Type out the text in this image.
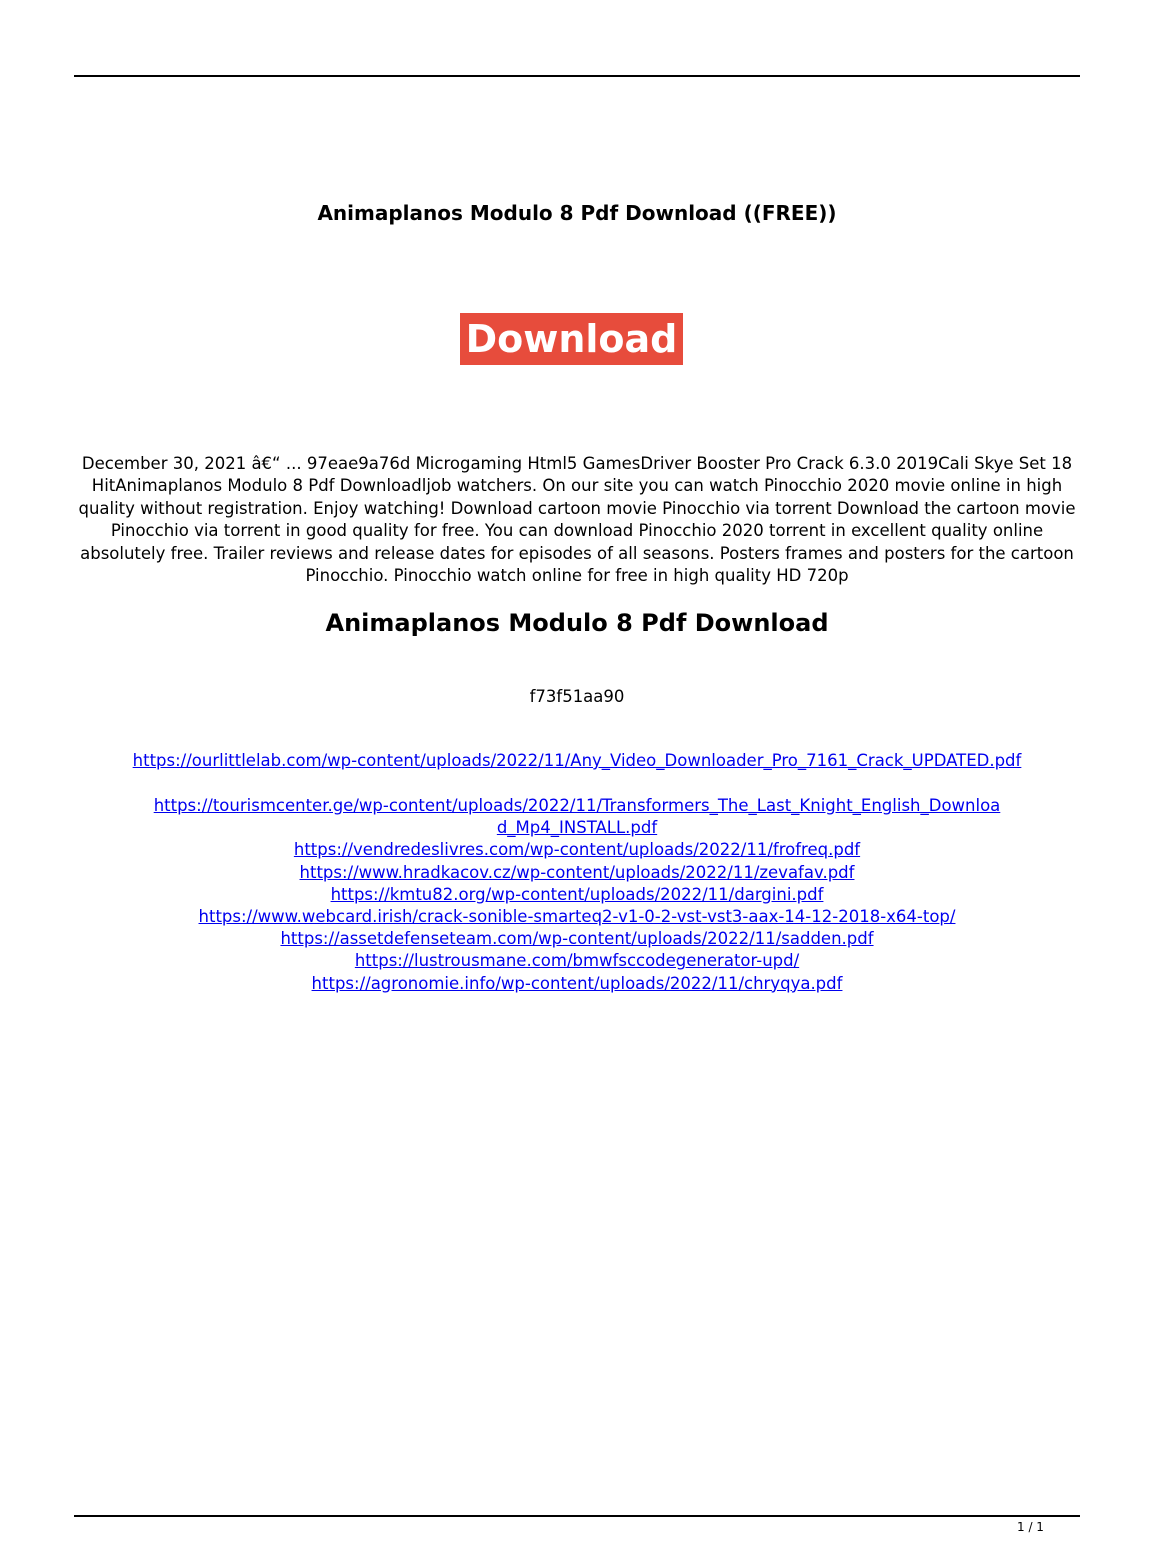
Animaplanos Modulo 8 Pdf Download ((FREE))
Download
December 30, 2021 â€“ ... 97eae9a76d Microgaming Html5 GamesDriver Booster Pro Crack 6.3.0 2019Cali Skye Set 18 HitAnimaplanos Modulo 8 Pdf Downloadljob watchers. On our site you can watch Pinocchio 2020 movie online in high quality without registration. Enjoy watching! Download cartoon movie Pinocchio via torrent Download the cartoon movie Pinocchio via torrent in good quality for free. You can download Pinocchio 2020 torrent in excellent quality online absolutely free. Trailer reviews and release dates for episodes of all seasons. Posters frames and posters for the cartoon Pinocchio. Pinocchio watch online for free in high quality HD 720p
Animaplanos Modulo 8 Pdf Download
f73f51aa90
https://ourlittlelab.com/wp-content/uploads/2022/11/Any_Video_Downloader_Pro_7161_Crack_UPDATED.pdf
https://tourismcenter.ge/wp-content/uploads/2022/11/Transformers_The_Last_Knight_English_Download_Mp4_INSTALL.pdf
https://vendredeslivres.com/wp-content/uploads/2022/11/frofreq.pdf
https://www.hradkacov.cz/wp-content/uploads/2022/11/zevafav.pdf
https://kmtu82.org/wp-content/uploads/2022/11/dargini.pdf
https://www.webcard.irish/crack-sonible-smarteq2-v1-0-2-vst-vst3-aax-14-12-2018-x64-top/
https://assetdefenseteam.com/wp-content/uploads/2022/11/sadden.pdf
https://lustrousmane.com/bmwfsccodegenerator-upd/
https://agronomie.info/wp-content/uploads/2022/11/chryqya.pdf
1 / 1
